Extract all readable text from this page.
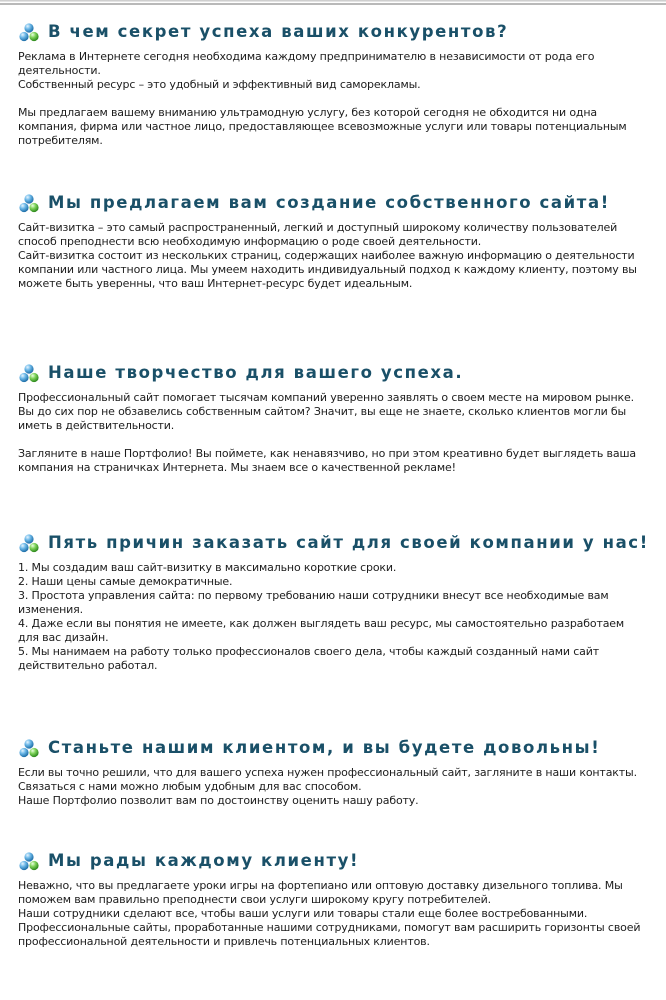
В чем секрет успеха ваших конкурентов?

Реклама в Интернете сегодня необходима каждому предпринимателю в независимости от рода его деятельности.

Собственный ресурс – это удобный и эффективный вид саморекламы.

Мы предлагаем вашему вниманию ультрамодную услугу, без которой сегодня не обходится ни одна компания, фирма или частное лицо, предоставляющее всевозможные услуги или товары потенциальным потребителям.

Мы предлагаем вам создание собственного сайта!

Сайт-визитка – это самый распространенный, легкий и доступный широкому количеству пользователей способ преподнести всю необходимую информацию о роде своей деятельности.

Сайт-визитка состоит из нескольких страниц, содержащих наиболее важную информацию о деятельности компании или частного лица. Мы умеем находить индивидуальный подход к каждому клиенту, поэтому вы можете быть уверенны, что ваш Интернет-ресурс будет идеальным.

Наше творчество для вашего успеха.

Профессиональный сайт помогает тысячам компаний уверенно заявлять о своем месте на мировом рынке.

Вы до сих пор не обзавелись собственным сайтом? Значит, вы еще не знаете, сколько клиентов могли бы иметь в действительности.

Загляните в наше Портфолио! Вы поймете, как ненавязчиво, но при этом креативно будет выглядеть ваша компания на страничках Интернета. Мы знаем все о качественной рекламе!

Пять причин заказать сайт для своей компании у нас!

1. Мы создадим ваш сайт-визитку в максимально короткие сроки.

2. Наши цены самые демократичные.

3. Простота управления сайта: по первому требованию наши сотрудники внесут все необходимые вам изменения.

4. Даже если вы понятия не имеете, как должен выглядеть ваш ресурс, мы самостоятельно разработаем для вас дизайн.

5. Мы нанимаем на работу только профессионалов своего дела, чтобы каждый созданный нами сайт действительно работал.

Станьте нашим клиентом, и вы будете довольны!

Если вы точно решили, что для вашего успеха нужен профессиональный сайт, загляните в наши контакты. Связаться с нами можно любым удобным для вас способом.

Наше Портфолио позволит вам по достоинству оценить нашу работу.

Мы рады каждому клиенту!

Неважно, что вы предлагаете уроки игры на фортепиано или оптовую доставку дизельного топлива. Мы поможем вам правильно преподнести свои услуги широкому кругу потребителей.

Наши сотрудники сделают все, чтобы ваши услуги или товары стали еще более востребованными. Профессиональные сайты, проработанные нашими сотрудниками, помогут вам расширить горизонты своей профессиональной деятельности и привлечь потенциальных клиентов.
